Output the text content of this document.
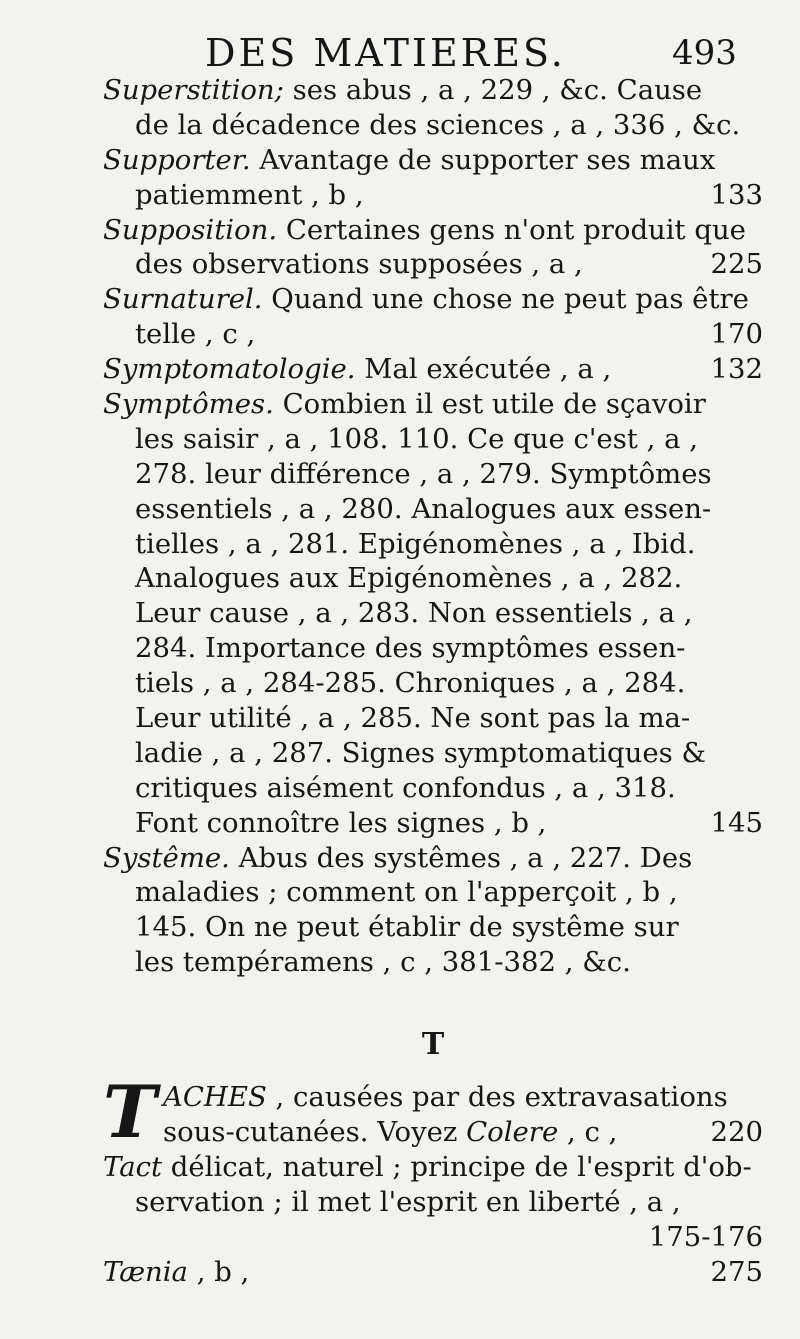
DES MATIERES.	493
Superstition; ses abus , a , 229 , &c. Cause
de la décadence des sciences , a , 336 , &c.
Supporter. Avantage de supporter ses maux
patiemment , b ,	133
Supposition. Certaines gens n'ont produit que
des observations supposées , a ,	225
Surnaturel. Quand une chose ne peut pas être
telle , c ,	170
Symptomatologie. Mal exécutée , a ,	132
Symptômes. Combien il est utile de sçavoir
les saisir , a , 108. 110. Ce que c'est , a ,
278. leur différence , a , 279. Symptômes
essentiels , a , 280. Analogues aux essen-
tielles , a , 281. Epigénomènes , a , Ibid.
Analogues aux Epigénomènes , a , 282.
Leur cause , a , 283. Non essentiels , a ,
284. Importance des symptômes essen-
tiels , a , 284-285. Chroniques , a , 284.
Leur utilité , a , 285. Ne sont pas la ma-
ladie , a , 287. Signes symptomatiques &
critiques aisément confondus , a , 318.
Font connoître les signes , b ,	145
Systême. Abus des systêmes , a , 227. Des
maladies ; comment on l'apperçoit , b ,
145. On ne peut établir de systême sur
les tempéramens , c , 381-382 , &c.
T
T ACHES , causées par des extravasations
sous-cutanées. Voyez Colere , c ,	220
Tact délicat, naturel ; principe de l'esprit d'ob-
servation ; il met l'esprit en liberté , a ,
175-176
Tænia , b ,	275
